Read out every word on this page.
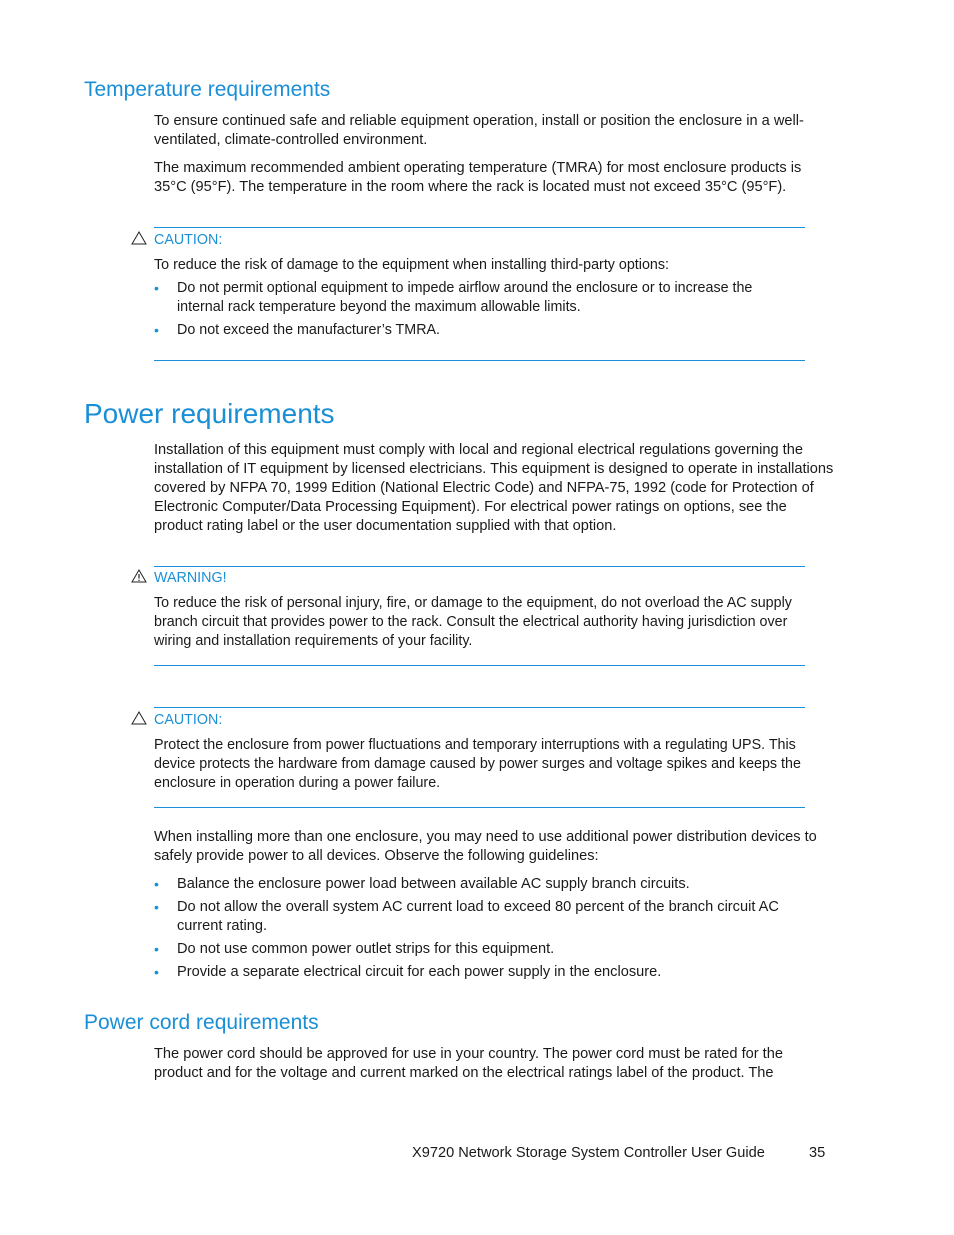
Temperature requirements

To ensure continued safe and reliable equipment operation, install or position the enclosure in a well-ventilated, climate-controlled environment.

The maximum recommended ambient operating temperature (TMRA) for most enclosure products is 35°C (95°F). The temperature in the room where the rack is located must not exceed 35°C (95°F).

CAUTION:

To reduce the risk of damage to the equipment when installing third-party options:

• Do not permit optional equipment to impede airflow around the enclosure or to increase the internal rack temperature beyond the maximum allowable limits.

• Do not exceed the manufacturer’s TMRA.

Power requirements

Installation of this equipment must comply with local and regional electrical regulations governing the installation of IT equipment by licensed electricians. This equipment is designed to operate in installations covered by NFPA 70, 1999 Edition (National Electric Code) and NFPA-75, 1992 (code for Protection of Electronic Computer/Data Processing Equipment). For electrical power ratings on options, see the product rating label or the user documentation supplied with that option.

WARNING!

To reduce the risk of personal injury, fire, or damage to the equipment, do not overload the AC supply branch circuit that provides power to the rack. Consult the electrical authority having jurisdiction over wiring and installation requirements of your facility.

CAUTION:

Protect the enclosure from power fluctuations and temporary interruptions with a regulating UPS. This device protects the hardware from damage caused by power surges and voltage spikes and keeps the enclosure in operation during a power failure.

When installing more than one enclosure, you may need to use additional power distribution devices to safely provide power to all devices. Observe the following guidelines:

• Balance the enclosure power load between available AC supply branch circuits.

• Do not allow the overall system AC current load to exceed 80 percent of the branch circuit AC current rating.

• Do not use common power outlet strips for this equipment.

• Provide a separate electrical circuit for each power supply in the enclosure.

Power cord requirements

The power cord should be approved for use in your country. The power cord must be rated for the product and for the voltage and current marked on the electrical ratings label of the product. The

X9720 Network Storage System Controller User Guide	35
